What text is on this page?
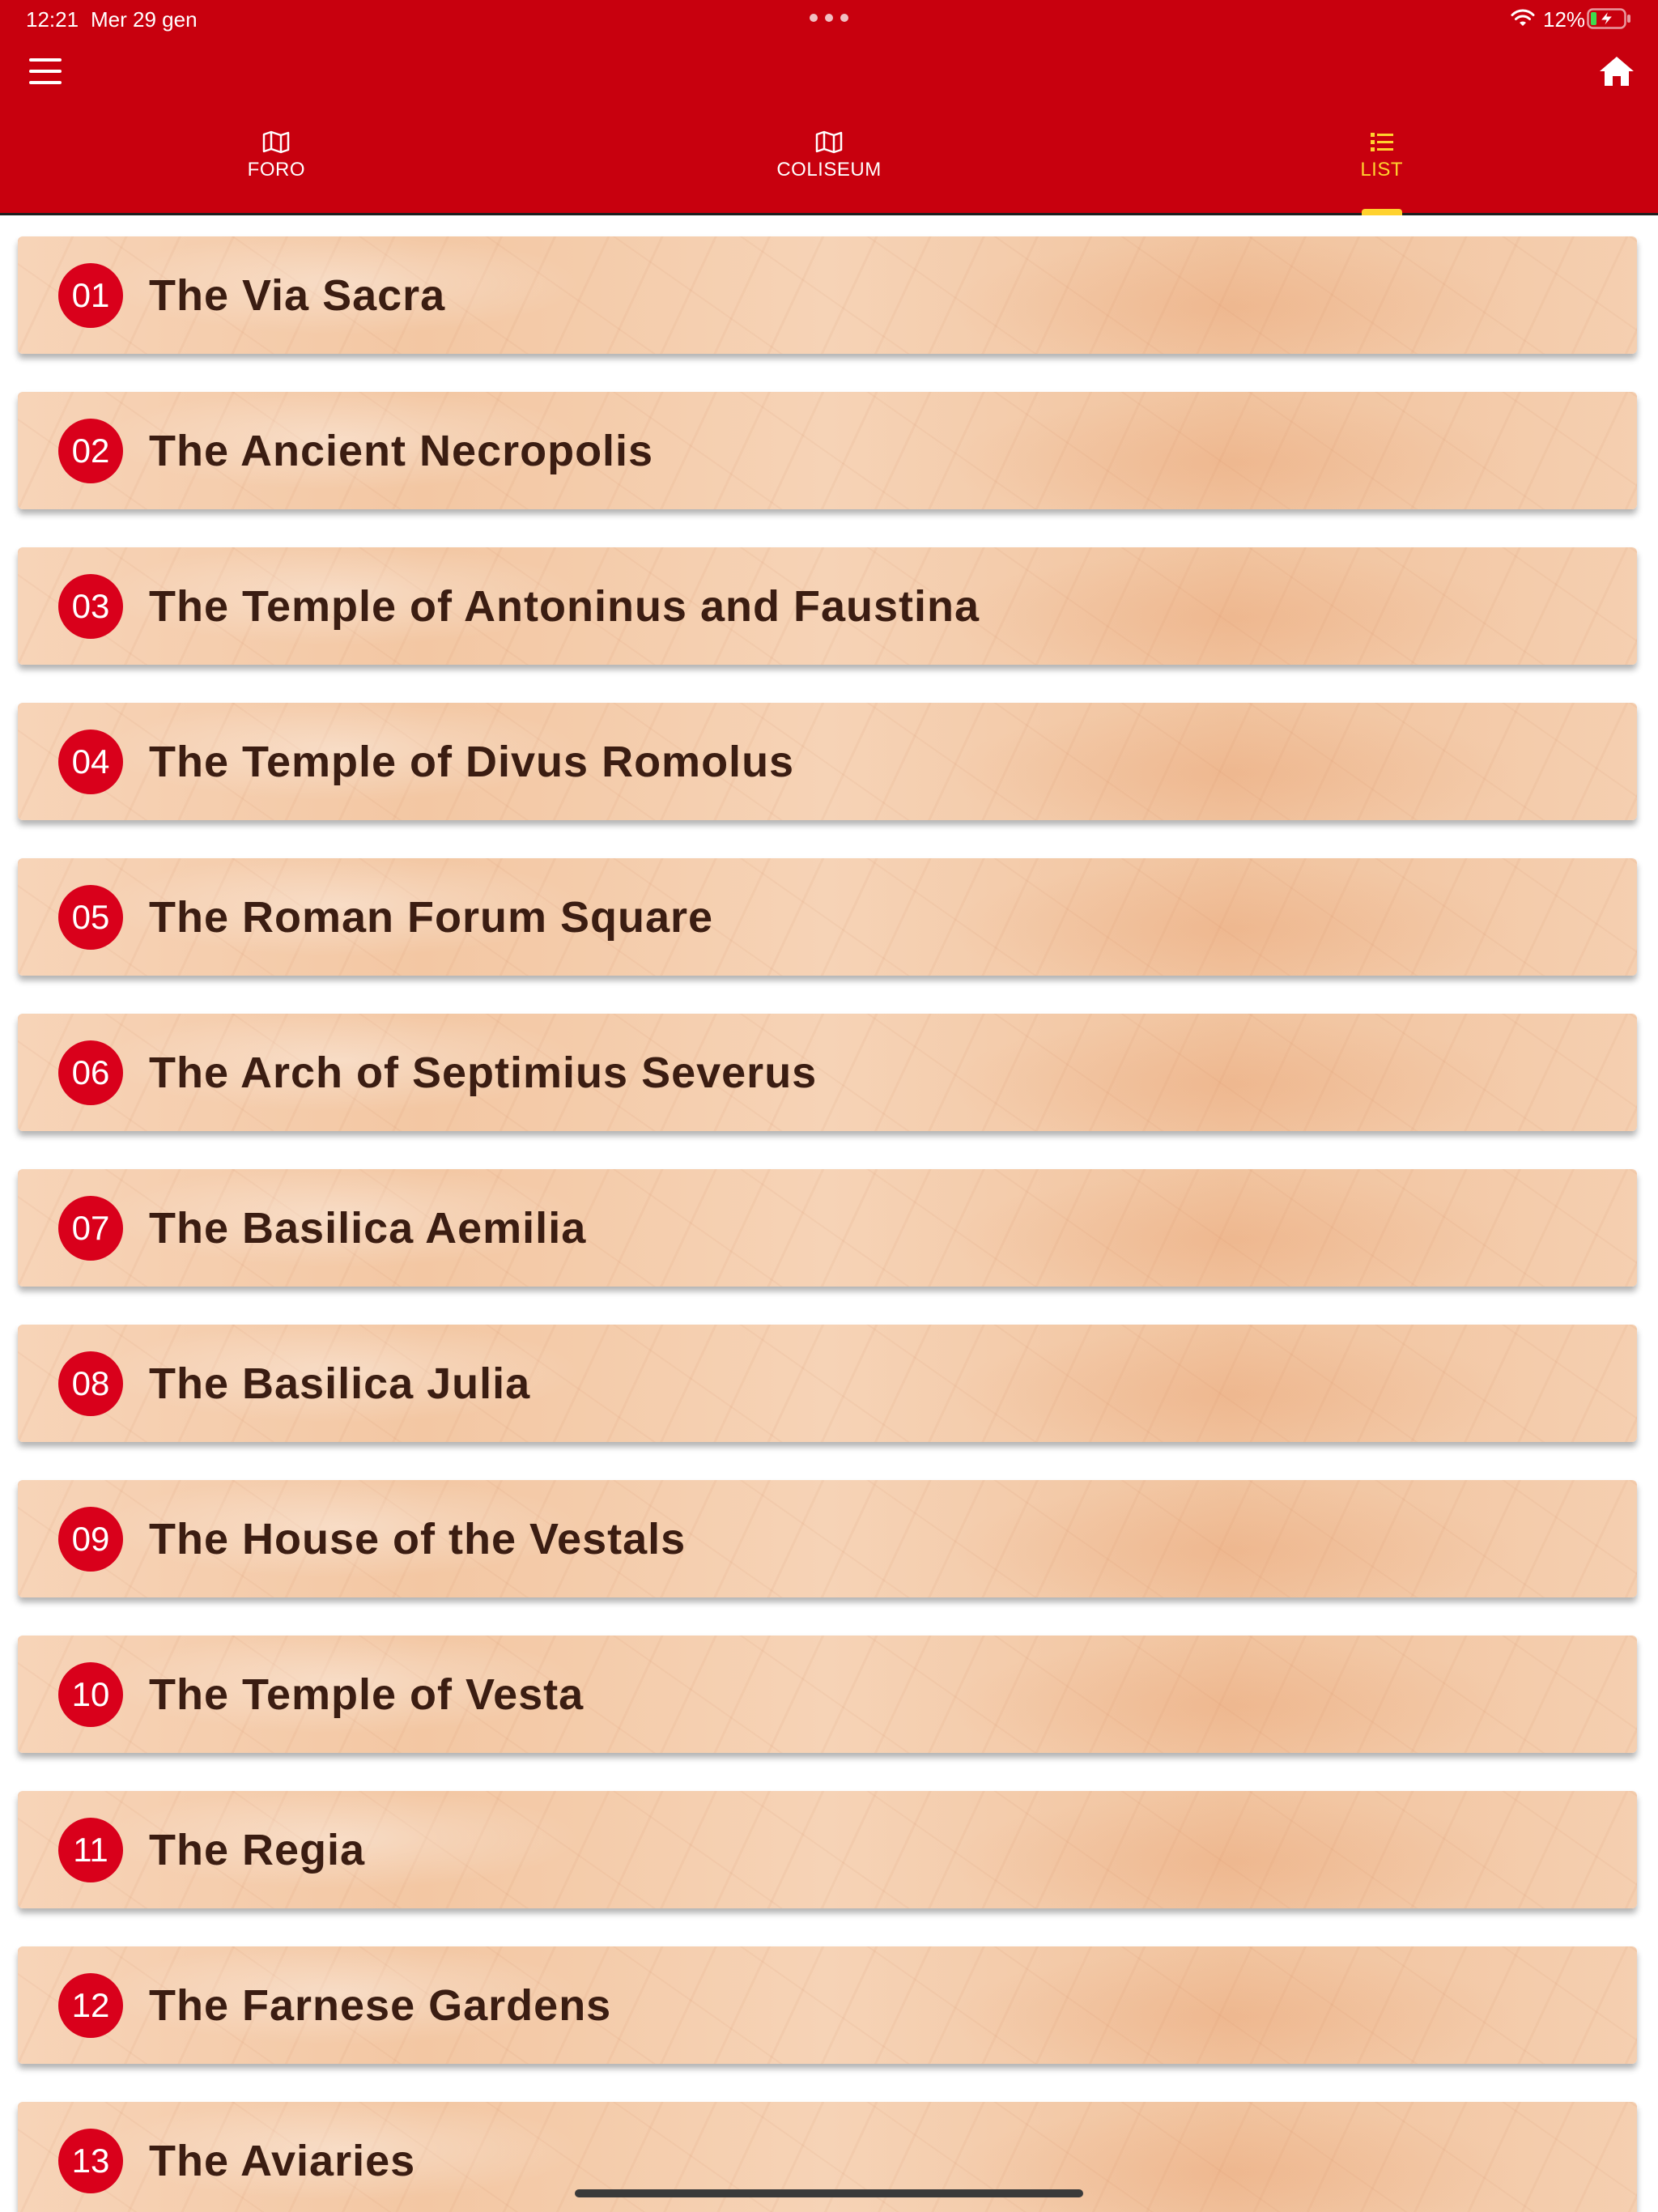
12:21 Mer 29 gen	12%
FORO	COLISEUM	LIST
01 The Via Sacra
02 The Ancient Necropolis
03 The Temple of Antoninus and Faustina
04 The Temple of Divus Romolus
05 The Roman Forum Square
06 The Arch of Septimius Severus
07 The Basilica Aemilia
08 The Basilica Julia
09 The House of the Vestals
10 The Temple of Vesta
11 The Regia
12 The Farnese Gardens
13 The Aviaries
